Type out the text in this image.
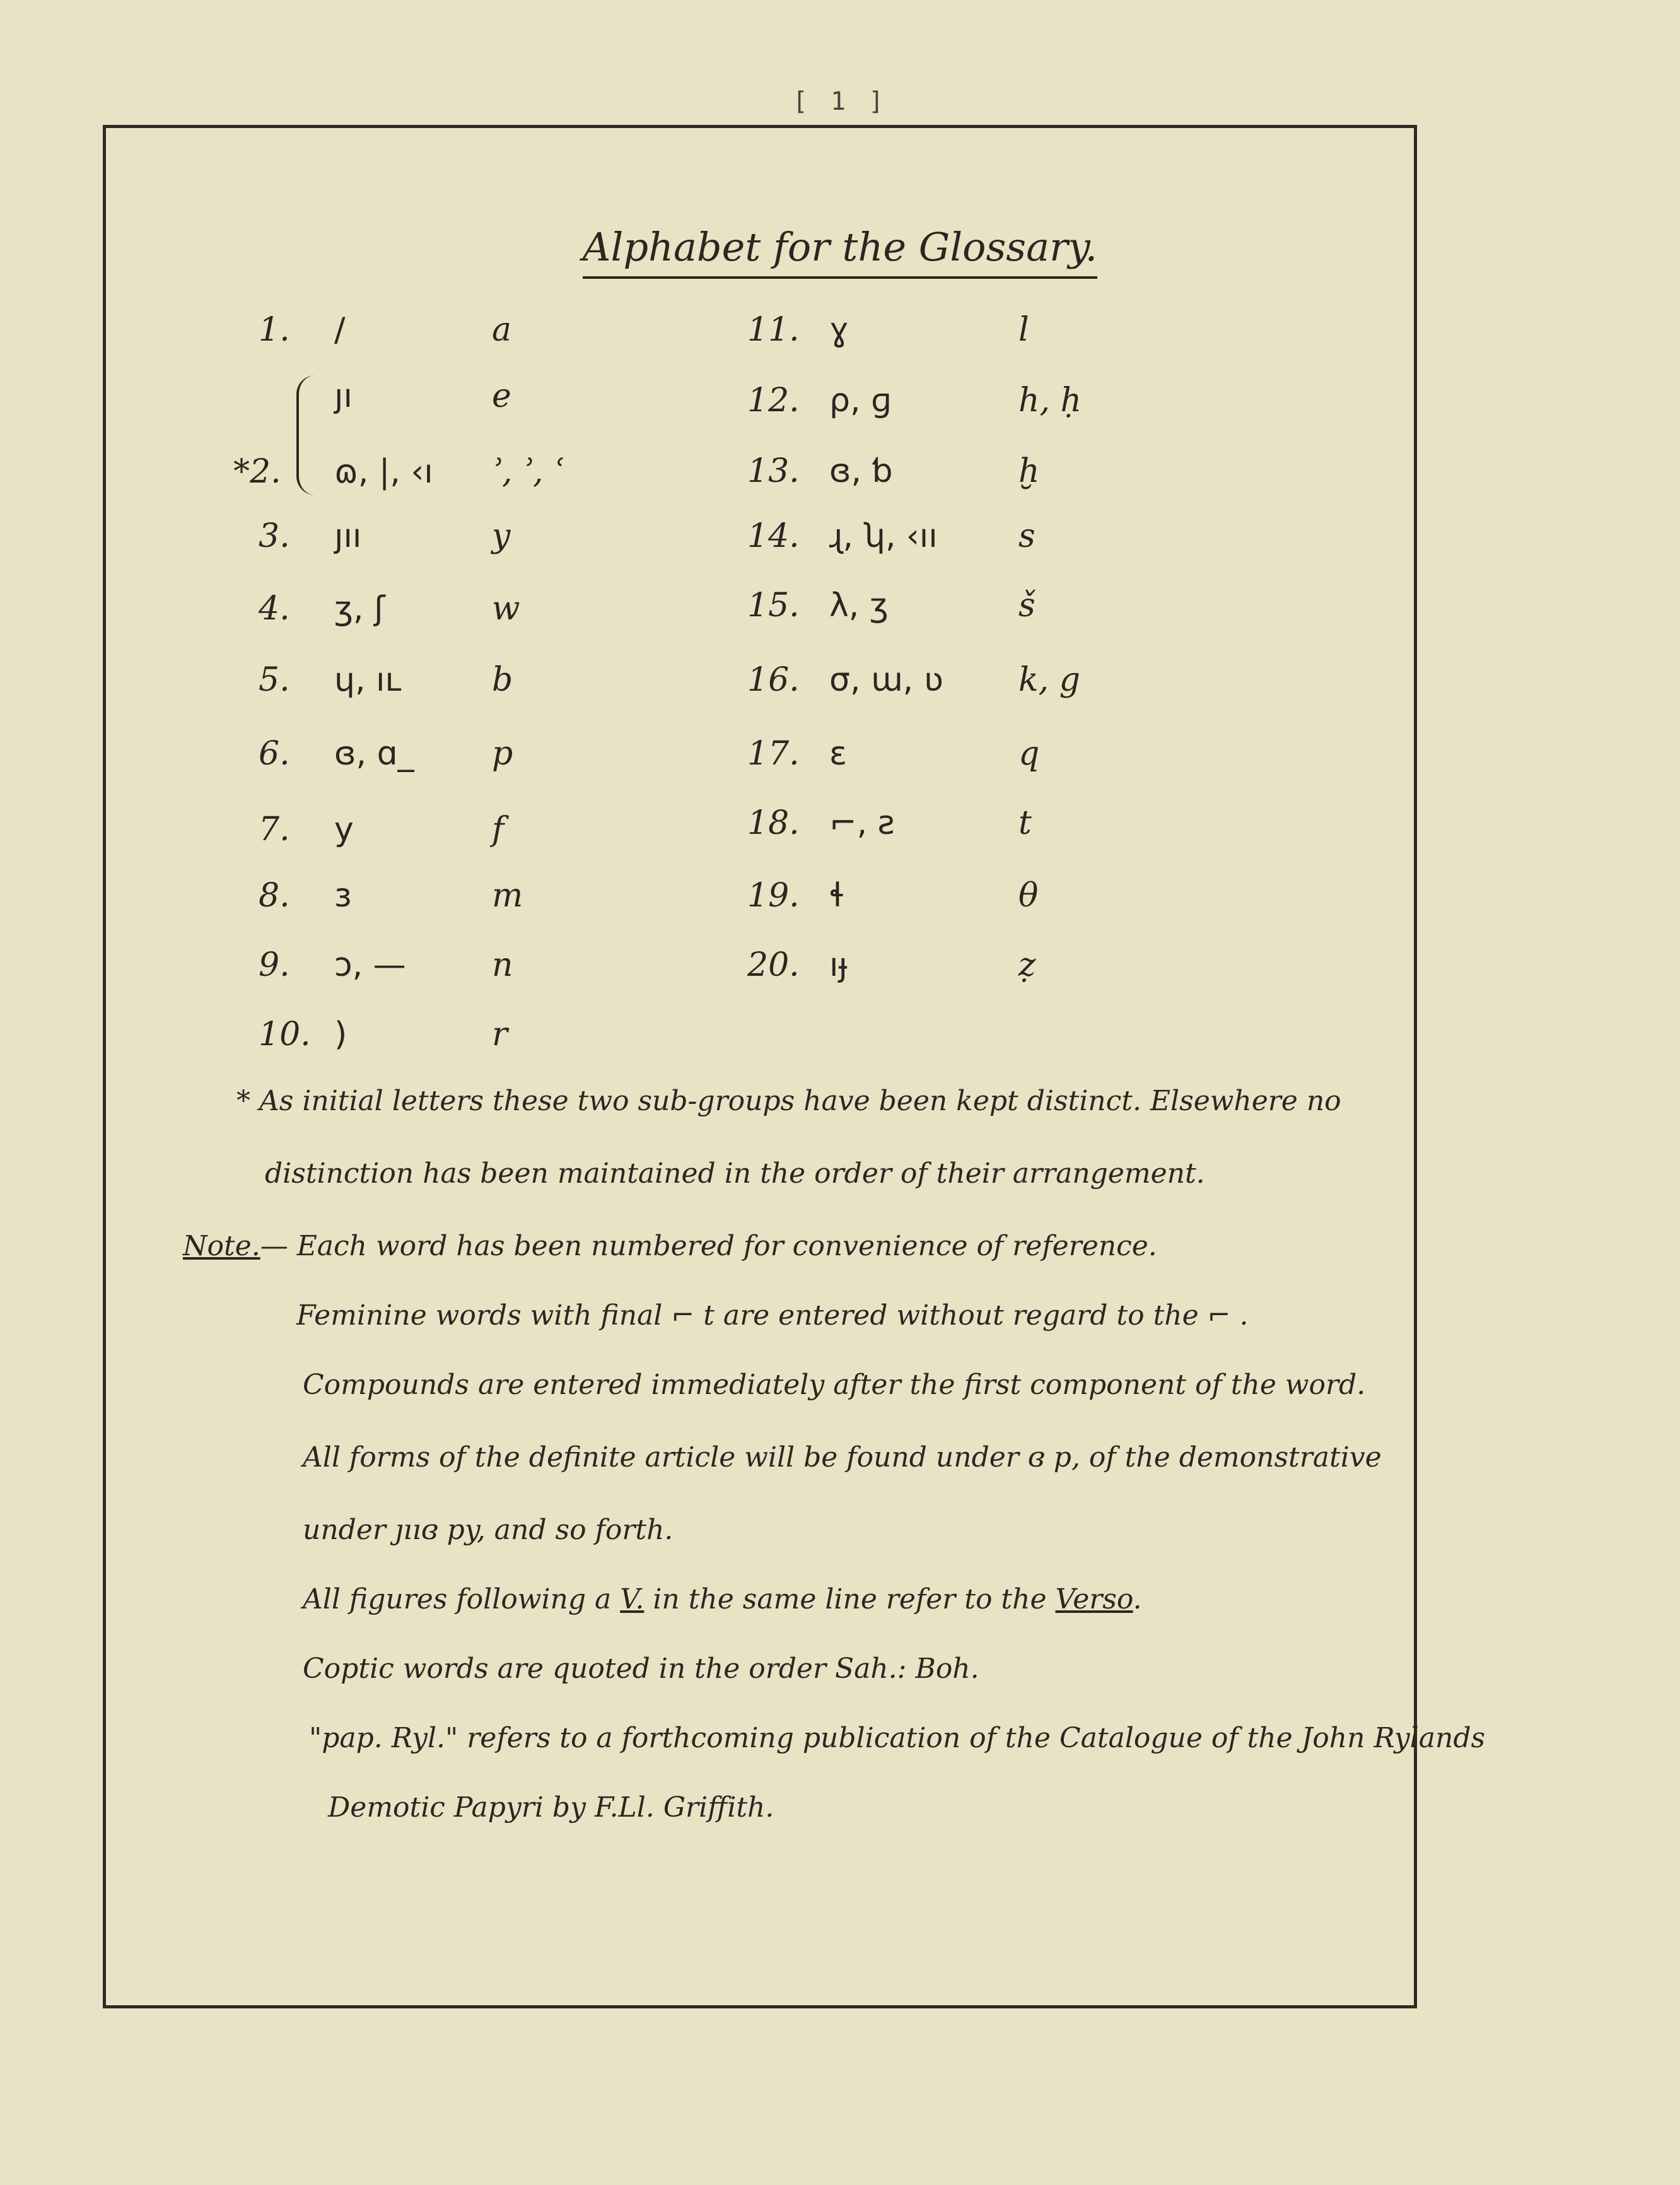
[ 1 ]
Alphabet for the Glossary.
1.	/	a
ȷı	e
*2.	ɷ, |, ‹ı	ʾ, ʾ, ʿ
3.	ȷıı	y
4.	ʒ, ʃ	w
5.	ɥ, ıʟ	b
6.	ɞ, ɑ_	p
7.	y	f
8.	ɜ	m
9.	ɔ, —	n
10. )	r
11. ɣ	l
12. ρ, ɡ	h, ḥ
13. ɞ, ƅ	ḫ
14. ɻ, ʮ, ‹ıı	s
15. λ, ʒ	š
16. σ, ɯ, ʋ	k, g
17. ɛ	q
18. ⌐, ƨ	t
19. ɬ	θ
20. ıɟ	ẓ
* As initial letters these two sub-groups have been kept distinct. Elsewhere no
distinction has been maintained in the order of their arrangement.
Note.— Each word has been numbered for convenience of reference.
Feminine words with final ⌐ t are entered without regard to the ⌐ .
Compounds are entered immediately after the first component of the word.
All forms of the definite article will be found under ɞ p, of the demonstrative
under ȷııɞ py, and so forth.
All figures following a V. in the same line refer to the Verso.
Coptic words are quoted in the order Sah.: Boh.
"pap. Ryl." refers to a forthcoming publication of the Catalogue of the John Rylands
Demotic Papyri by F.Ll. Griffith.
